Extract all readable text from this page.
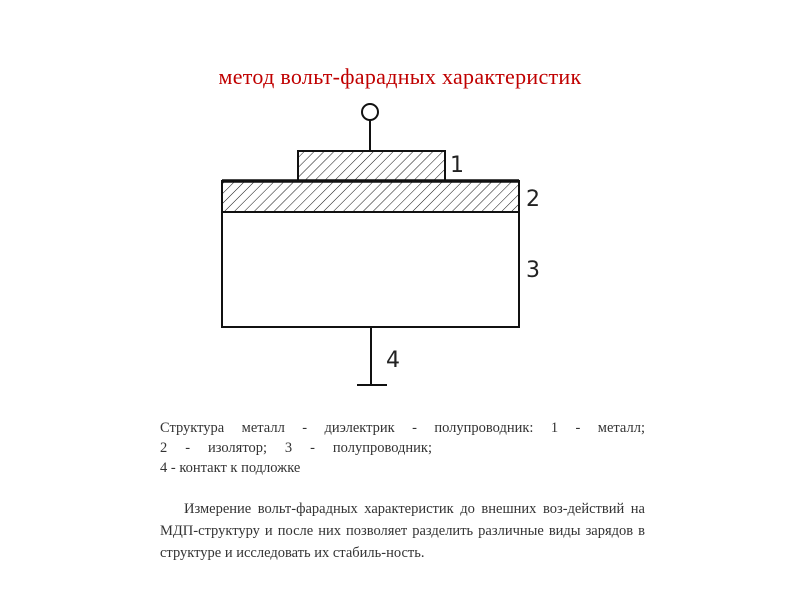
метод вольт-фарадных характеристик
1
2
3
4
Структура металл - диэлектрик - полупроводник: 1 - металл;
2 - изолятор; 3 - полупроводник;
4 - контакт к подложке
Измерение вольт-фарадных характеристик до внешних воз-действий на МДП-структуру и после них позволяет разделить различные виды зарядов в структуре и исследовать их стабиль-ность.
